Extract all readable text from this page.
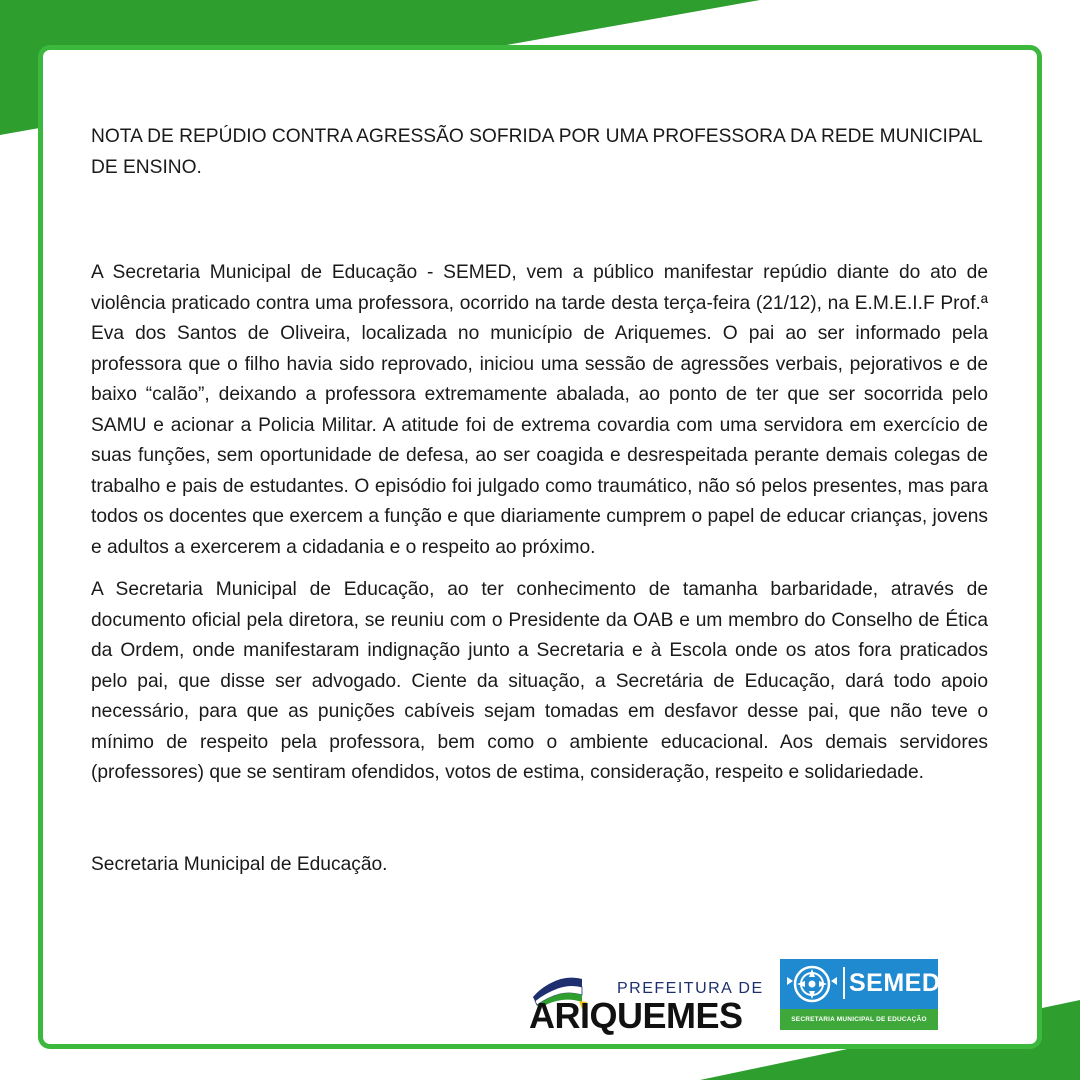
NOTA DE REPÚDIO CONTRA AGRESSÃO SOFRIDA POR UMA PROFESSORA DA REDE MUNICIPAL DE ENSINO.

A Secretaria Municipal de Educação - SEMED, vem a público manifestar repúdio diante do ato de violência praticado contra uma professora, ocorrido na tarde desta terça-feira (21/12), na E.M.E.I.F Prof.ª Eva dos Santos de Oliveira, localizada no município de Ariquemes. O pai ao ser informado pela professora que o filho havia sido reprovado, iniciou uma sessão de agressões verbais, pejorativos e de baixo “calão”, deixando a professora extremamente abalada, ao ponto de ter que ser socorrida pelo SAMU e acionar a Policia Militar. A atitude foi de extrema covardia com uma servidora em exercício de suas funções, sem oportunidade de defesa, ao ser coagida e desrespeitada perante demais colegas de trabalho e pais de estudantes. O episódio foi julgado como traumático, não só pelos presentes, mas para todos os docentes que exercem a função e que diariamente cumprem o papel de educar crianças, jovens e adultos a exercerem a cidadania e o respeito ao próximo.

A Secretaria Municipal de Educação, ao ter conhecimento de tamanha barbaridade, através de documento oficial pela diretora, se reuniu com o Presidente da OAB e um membro do Conselho de Ética da Ordem, onde manifestaram indignação junto a Secretaria e à Escola onde os atos fora praticados pelo pai, que disse ser advogado. Ciente da situação, a Secretária de Educação, dará todo apoio necessário, para que as punições cabíveis sejam tomadas em desfavor desse pai, que não teve o mínimo de respeito pela professora, bem como o ambiente educacional. Aos demais servidores (professores) que se sentiram ofendidos, votos de estima, consideração, respeito e solidariedade.

Secretaria Municipal de Educação.

PREFEITURA DE
ARIQUEMES
SEMED
SECRETARIA MUNICIPAL DE EDUCAÇÃO
